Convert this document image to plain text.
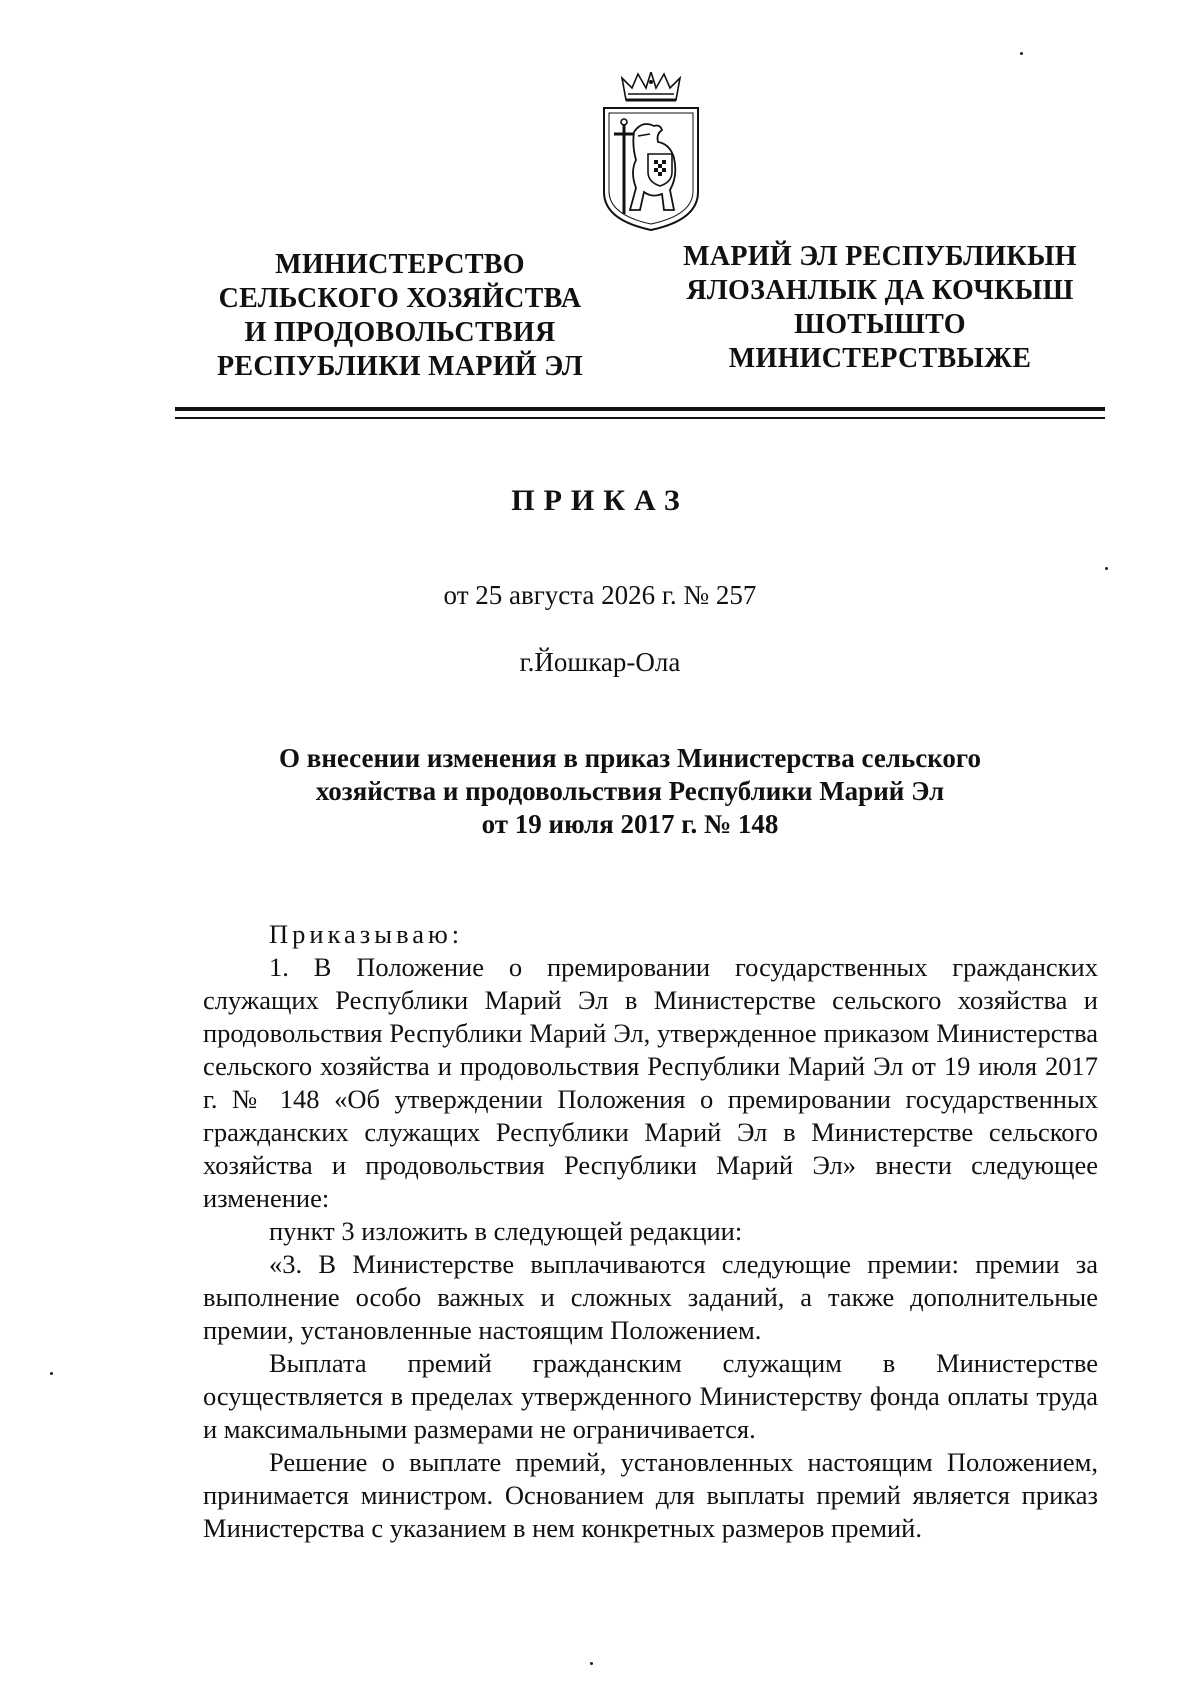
МИНИСТЕРСТВО
СЕЛЬСКОГО ХОЗЯЙСТВА
И ПРОДОВОЛЬСТВИЯ
РЕСПУБЛИКИ МАРИЙ ЭЛ
МАРИЙ ЭЛ РЕСПУБЛИКЫН
ЯЛОЗАНЛЫК ДА КОЧКЫШ
ШОТЫШТО
МИНИСТЕРСТВЫЖЕ
ПРИКАЗ

от 25 августа 2026 г. № 257

г.Йошкар-Ола

О внесении изменения в приказ Министерства сельского
хозяйства и продовольствия Республики Марий Эл
от 19 июля 2017 г. № 148

Приказываю:

1. В Положение о премировании государственных гражданских служащих Республики Марий Эл в Министерстве сельского хозяйства и продовольствия Республики Марий Эл, утвержденное приказом Министерства сельского хозяйства и продовольствия Республики Марий Эл от 19 июля 2017 г. № 148 «Об утверждении Положения о премировании государственных гражданских служащих Республики Марий Эл в Министерстве сельского хозяйства и продовольствия Республики Марий Эл» внести следующее изменение:

пункт 3 изложить в следующей редакции:

«3. В Министерстве выплачиваются следующие премии: премии за выполнение особо важных и сложных заданий, а также дополнительные премии, установленные настоящим Положением.

Выплата премий гражданским служащим в Министерстве осуществляется в пределах утвержденного Министерству фонда оплаты труда и максимальными размерами не ограничивается.

Решение о выплате премий, установленных настоящим Положением, принимается министром. Основанием для выплаты премий является приказ Министерства с указанием в нем конкретных размеров премий.
